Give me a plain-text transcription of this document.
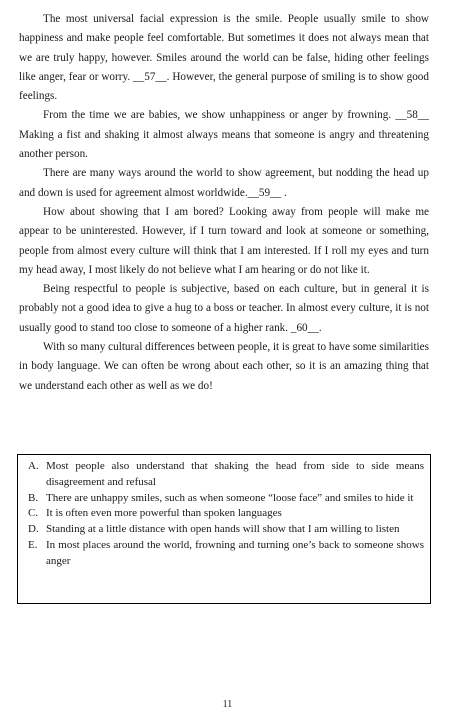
The most universal facial expression is the smile. People usually smile to show happiness and make people feel comfortable. But sometimes it does not always mean that we are truly happy, however. Smiles around the world can be false, hiding other feelings like anger, fear or worry. __57__. However, the general purpose of smiling is to show good feelings.

From the time we are babies, we show unhappiness or anger by frowning. __58__ Making a fist and shaking it almost always means that someone is angry and threatening another person.

There are many ways around the world to show agreement, but nodding the head up and down is used for agreement almost worldwide.__59__ .

How about showing that I am bored? Looking away from people will make me appear to be uninterested. However, if I turn toward and look at someone or something, people from almost every culture will think that I am interested. If I roll my eyes and turn my head away, I most likely do not believe what I am hearing or do not like it.

Being respectful to people is subjective, based on each culture, but in general it is probably not a good idea to give a hug to a boss or teacher. In almost every culture, it is not usually good to stand too close to someone of a higher rank. _60__.

With so many cultural differences between people, it is great to have some similarities in body language. We can often be wrong about each other, so it is an amazing thing that we understand each other as well as we do!

A. Most people also understand that shaking the head from side to side means disagreement and refusal
B. There are unhappy smiles, such as when someone “loose face” and smiles to hide it
C. It is often even more powerful than spoken languages
D. Standing at a little distance with open hands will show that I am willing to listen
E. In most places around the world, frowning and turning one’s back to someone shows anger
11
